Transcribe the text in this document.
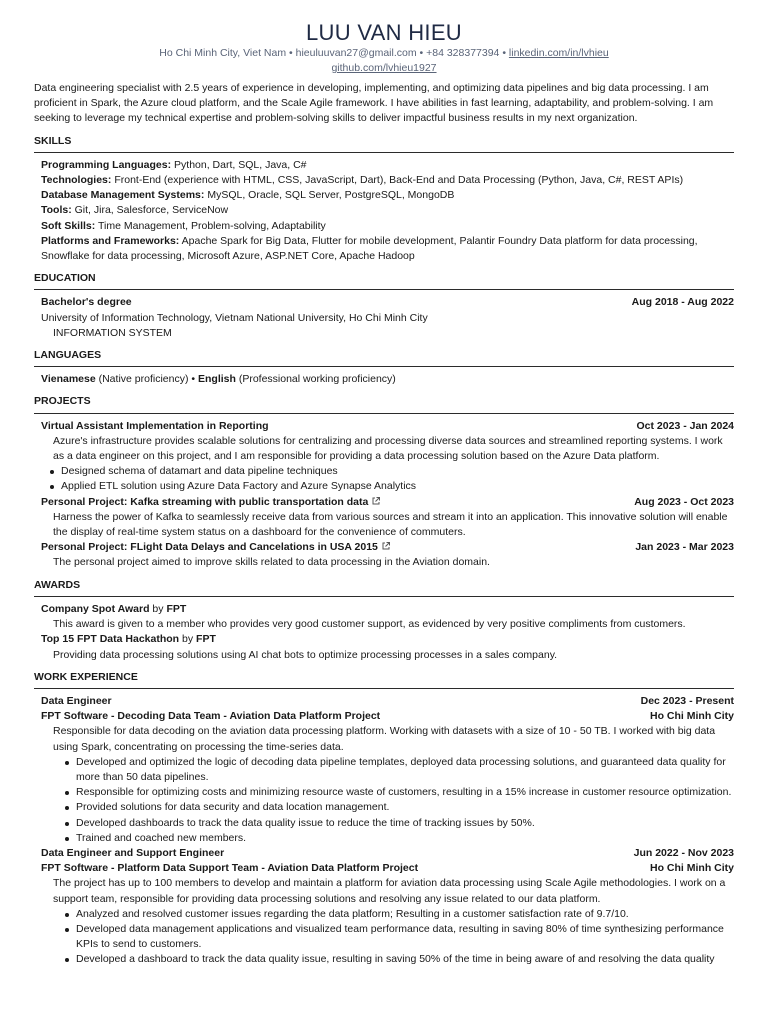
LUU VAN HIEU
Ho Chi Minh City, Viet Nam • hieuluuvan27@gmail.com • +84 328377394 • linkedin.com/in/lvhieu
github.com/lvhieu1927
Data engineering specialist with 2.5 years of experience in developing, implementing, and optimizing data pipelines and big data processing. I am proficient in Spark, the Azure cloud platform, and the Scale Agile framework. I have abilities in fast learning, adaptability, and problem-solving. I am seeking to leverage my technical expertise and problem-solving skills to deliver impactful business results in my next organization.
SKILLS
Programming Languages: Python, Dart, SQL, Java, C#
Technologies: Front-End (experience with HTML, CSS, JavaScript, Dart), Back-End and Data Processing (Python, Java, C#, REST APIs)
Database Management Systems: MySQL, Oracle, SQL Server, PostgreSQL, MongoDB
Tools: Git, Jira, Salesforce, ServiceNow
Soft Skills: Time Management, Problem-solving, Adaptability
Platforms and Frameworks: Apache Spark for Big Data, Flutter for mobile development, Palantir Foundry Data platform for data processing, Snowflake for data processing, Microsoft Azure, ASP.NET Core, Apache Hadoop
EDUCATION
Bachelor's degree	Aug 2018 - Aug 2022
University of Information Technology, Vietnam National University, Ho Chi Minh City
INFORMATION SYSTEM
LANGUAGES
Vienamese (Native proficiency) • English (Professional working proficiency)
PROJECTS
Virtual Assistant Implementation in Reporting	Oct 2023 - Jan 2024
Azure's infrastructure provides scalable solutions for centralizing and processing diverse data sources and streamlined reporting systems. I work as a data engineer on this project, and I am responsible for providing a data processing solution based on the Azure Data platform.
Designed schema of datamart and data pipeline techniques
Applied ETL solution using Azure Data Factory and Azure Synapse Analytics
Personal Project: Kafka streaming with public transportation data	Aug 2023 - Oct 2023
Harness the power of Kafka to seamlessly receive data from various sources and stream it into an application. This innovative solution will enable the display of real-time system status on a dashboard for the convenience of commuters.
Personal Project: FLight Data Delays and Cancelations in USA 2015	Jan 2023 - Mar 2023
The personal project aimed to improve skills related to data processing in the Aviation domain.
AWARDS
Company Spot Award by FPT
This award is given to a member who provides very good customer support, as evidenced by very positive compliments from customers.
Top 15 FPT Data Hackathon by FPT
Providing data processing solutions using AI chat bots to optimize processing processes in a sales company.
WORK EXPERIENCE
Data Engineer	Dec 2023 - Present
FPT Software - Decoding Data Team - Aviation Data Platform Project	Ho Chi Minh City
Responsible for data decoding on the aviation data processing platform. Working with datasets with a size of 10 - 50 TB. I worked with big data using Spark, concentrating on processing the time-series data.
Developed and optimized the logic of decoding data pipeline templates, deployed data processing solutions, and guaranteed data quality for more than 50 data pipelines.
Responsible for optimizing costs and minimizing resource waste of customers, resulting in a 15% increase in customer resource optimization.
Provided solutions for data security and data location management.
Developed dashboards to track the data quality issue to reduce the time of tracking issues by 50%.
Trained and coached new members.
Data Engineer and Support Engineer	Jun 2022 - Nov 2023
FPT Software - Platform Data Support Team - Aviation Data Platform Project	Ho Chi Minh City
The project has up to 100 members to develop and maintain a platform for aviation data processing using Scale Agile methodologies. I work on a support team, responsible for providing data processing solutions and resolving any issue related to our data platform.
Analyzed and resolved customer issues regarding the data platform; Resulting in a customer satisfaction rate of 9.7/10.
Developed data management applications and visualized team performance data, resulting in saving 80% of time synthesizing performance KPIs to send to customers.
Developed a dashboard to track the data quality issue, resulting in saving 50% of the time in being aware of and resolving the data quality
